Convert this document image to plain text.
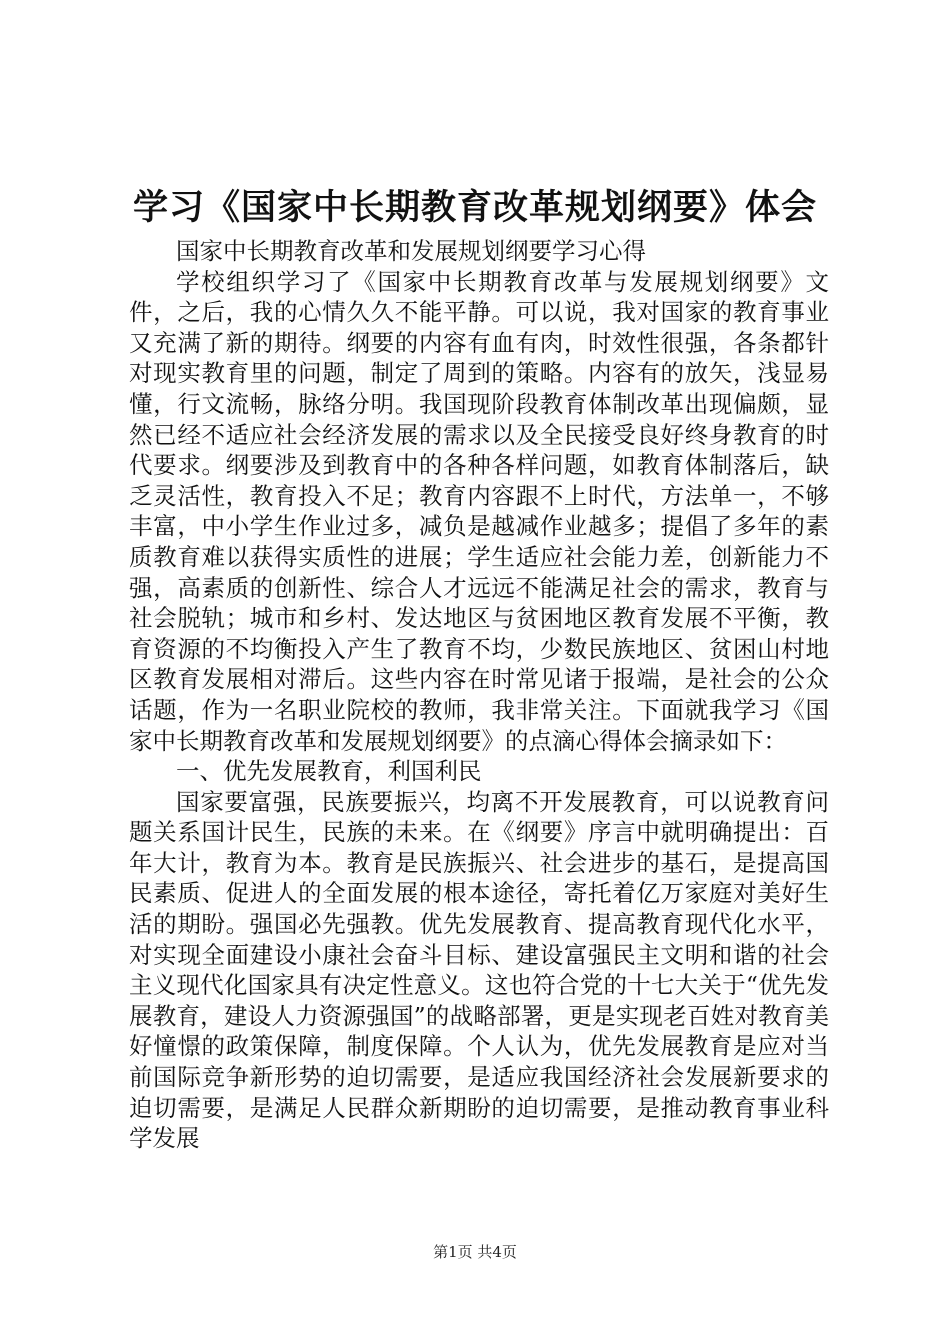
学习《国家中长期教育改革规划纲要》体会

国家中长期教育改革和发展规划纲要学习心得

学校组织学习了《国家中长期教育改革与发展规划纲要》文件，之后，我的心情久久不能平静。可以说，我对国家的教育事业又充满了新的期待。纲要的内容有血有肉，时效性很强，各条都针对现实教育里的问题，制定了周到的策略。内容有的放矢，浅显易懂，行文流畅，脉络分明。我国现阶段教育体制改革出现偏颇，显然已经不适应社会经济发展的需求以及全民接受良好终身教育的时代要求。纲要涉及到教育中的各种各样问题，如教育体制落后，缺乏灵活性，教育投入不足；教育内容跟不上时代，方法单一，不够丰富，中小学生作业过多，减负是越减作业越多；提倡了多年的素质教育难以获得实质性的进展；学生适应社会能力差，创新能力不强，高素质的创新性、综合人才远远不能满足社会的需求，教育与社会脱轨；城市和乡村、发达地区与贫困地区教育发展不平衡，教育资源的不均衡投入产生了教育不均，少数民族地区、贫困山村地区教育发展相对滞后。这些内容在时常见诸于报端，是社会的公众话题，作为一名职业院校的教师，我非常关注。下面就我学习《国家中长期教育改革和发展规划纲要》的点滴心得体会摘录如下：

一、优先发展教育，利国利民

国家要富强，民族要振兴，均离不开发展教育，可以说教育问题关系国计民生，民族的未来。在《纲要》序言中就明确提出：百年大计，教育为本。教育是民族振兴、社会进步的基石，是提高国民素质、促进人的全面发展的根本途径，寄托着亿万家庭对美好生活的期盼。强国必先强教。优先发展教育、提高教育现代化水平，对实现全面建设小康社会奋斗目标、建设富强民主文明和谐的社会主义现代化国家具有决定性意义。这也符合党的十七大关于“优先发展教育，建设人力资源强国”的战略部署，更是实现老百姓对教育美好憧憬的政策保障，制度保障。个人认为，优先发展教育是应对当前国际竞争新形势的迫切需要，是适应我国经济社会发展新要求的迫切需要，是满足人民群众新期盼的迫切需要，是推动教育事业科学发展

第1页 共4页
